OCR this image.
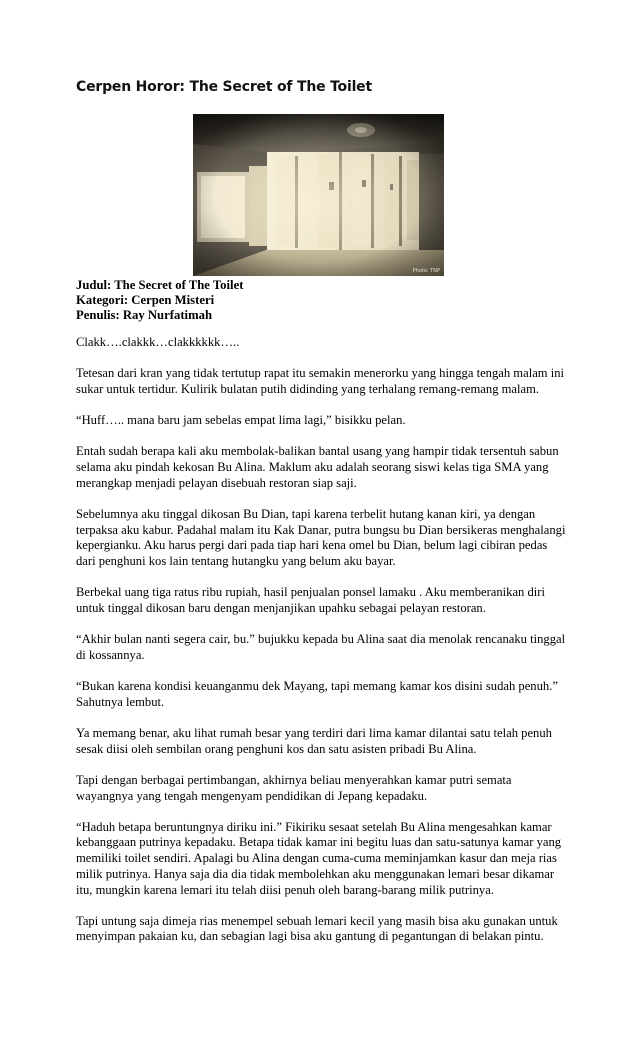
Cerpen Horor: The Secret of The Toilet
Photo: TNP
Judul: The Secret of The Toilet
Kategori: Cerpen Misteri
Penulis: Ray Nurfatimah

Clakk….clakkk…clakkkkkk…..

Tetesan dari kran yang tidak tertutup rapat itu semakin menerorku yang hingga tengah malam ini
sukar untuk tertidur. Kulirik bulatan putih didinding yang terhalang remang-remang malam.

“Huff….. mana baru jam sebelas empat lima lagi,” bisikku pelan.

Entah sudah berapa kali aku membolak-balikan bantal usang yang hampir tidak tersentuh sabun
selama aku pindah kekosan Bu Alina. Maklum aku adalah seorang siswi kelas tiga SMA yang
merangkap menjadi pelayan disebuah restoran siap saji.

Sebelumnya aku tinggal dikosan Bu Dian, tapi karena terbelit hutang kanan kiri, ya dengan
terpaksa aku kabur. Padahal malam itu Kak Danar, putra bungsu bu Dian bersikeras menghalangi
kepergianku. Aku harus pergi dari pada tiap hari kena omel bu Dian, belum lagi cibiran pedas
dari penghuni kos lain tentang hutangku yang belum aku bayar.

Berbekal uang tiga ratus ribu rupiah, hasil penjualan ponsel lamaku . Aku memberanikan diri
untuk tinggal dikosan baru dengan menjanjikan upahku sebagai pelayan restoran.

“Akhir bulan nanti segera cair, bu.” bujukku kepada bu Alina saat dia menolak rencanaku tinggal
di kossannya.

“Bukan karena kondisi keuanganmu dek Mayang, tapi memang kamar kos disini sudah penuh.”
Sahutnya lembut.

Ya memang benar, aku lihat rumah besar yang terdiri dari lima kamar dilantai satu telah penuh
sesak diisi oleh sembilan orang penghuni kos dan satu asisten pribadi Bu Alina.

Tapi dengan berbagai pertimbangan, akhirnya beliau menyerahkan kamar putri semata
wayangnya yang tengah mengenyam pendidikan di Jepang kepadaku.

“Haduh betapa beruntungnya diriku ini.” Fikiriku sesaat setelah Bu Alina mengesahkan kamar
kebanggaan putrinya kepadaku. Betapa tidak kamar ini begitu luas dan satu-satunya kamar yang
memiliki toilet sendiri. Apalagi bu Alina dengan cuma-cuma meminjamkan kasur dan meja rias
milik putrinya. Hanya saja dia dia tidak membolehkan aku menggunakan lemari besar dikamar
itu, mungkin karena lemari itu telah diisi penuh oleh barang-barang milik putrinya.

Tapi untung saja dimeja rias menempel sebuah lemari kecil yang masih bisa aku gunakan untuk
menyimpan pakaian ku, dan sebagian lagi bisa aku gantung di pegantungan di belakan pintu.
